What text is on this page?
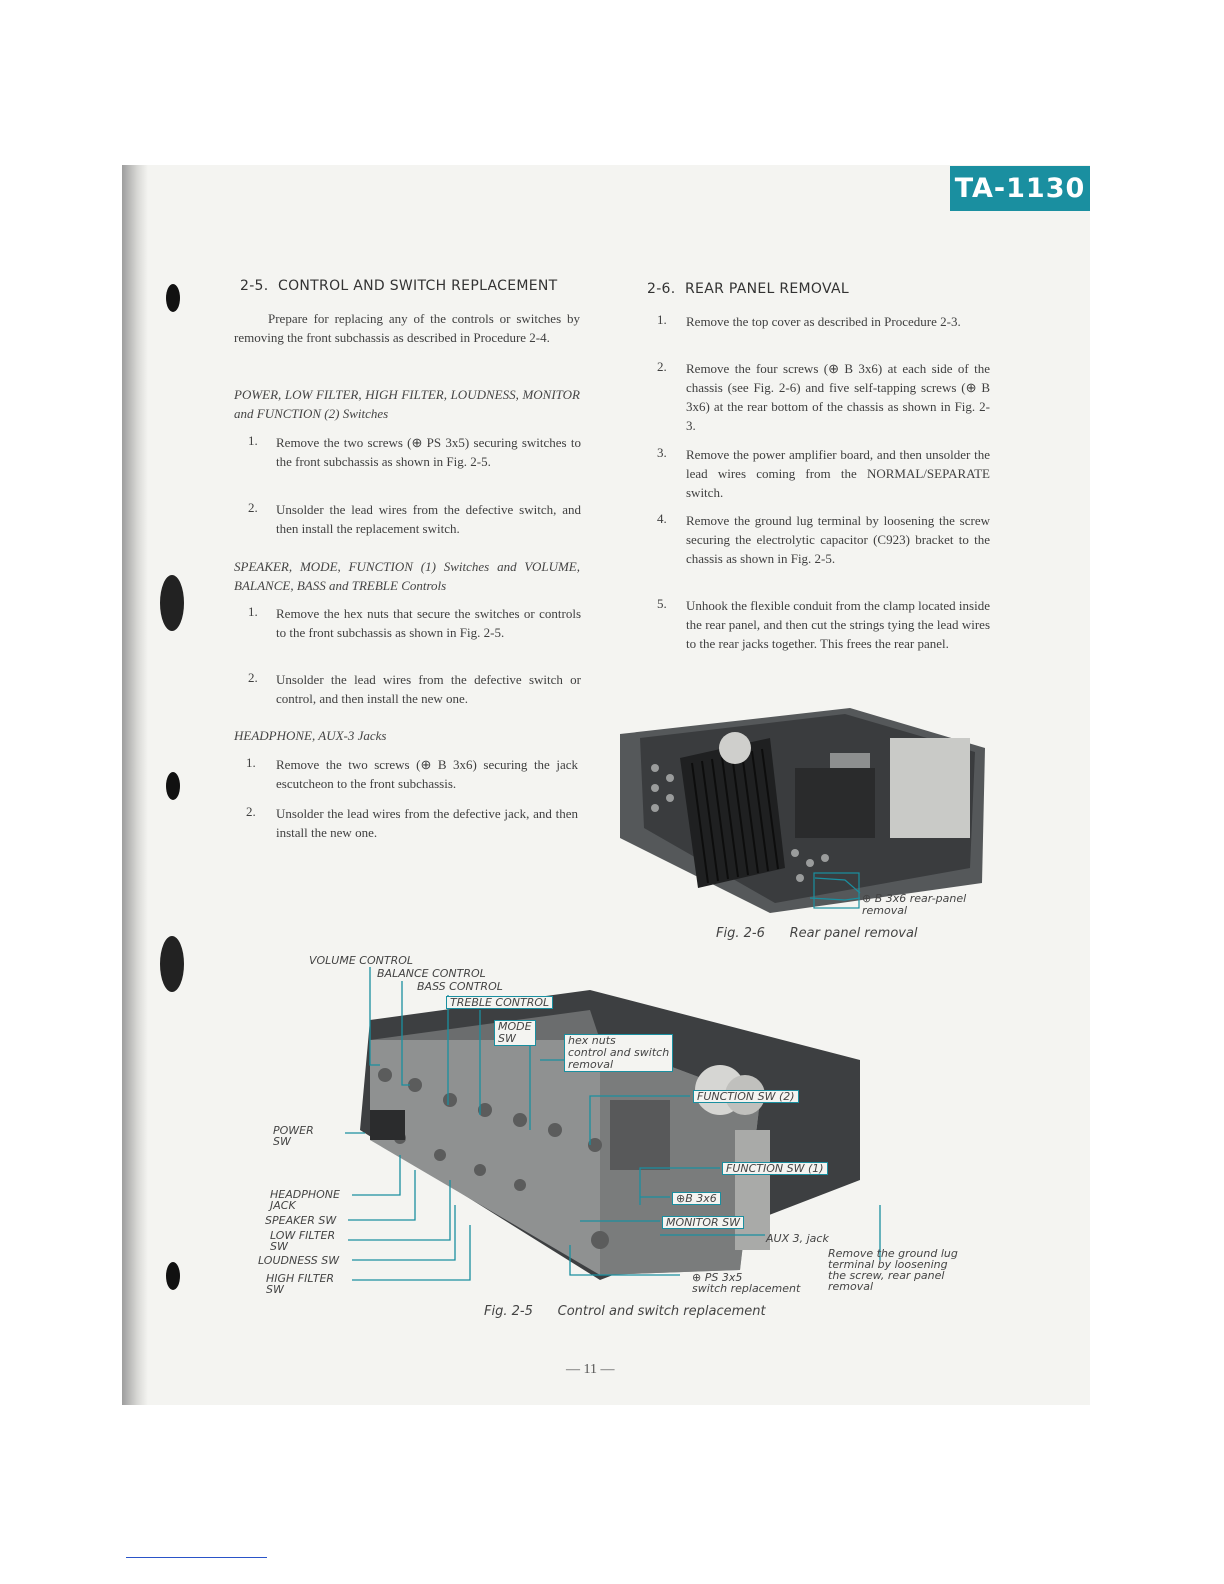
TA-1130
2-5.  CONTROL AND SWITCH REPLACEMENT
Prepare for replacing any of the controls or switches by removing the front subchassis as described in Procedure 2-4.
POWER, LOW FILTER, HIGH FILTER, LOUDNESS, MONITOR and FUNCTION (2) Switches
1. Remove the two screws (⊕ PS 3x5) securing switches to the front subchassis as shown in Fig. 2-5.
2. Unsolder the lead wires from the defective switch, and then install the replacement switch.
SPEAKER, MODE, FUNCTION (1) Switches and VOLUME, BALANCE, BASS and TREBLE Controls
1. Remove the hex nuts that secure the switches or controls to the front subchassis as shown in Fig. 2-5.
2. Unsolder the lead wires from the defective switch or control, and then install the new one.
HEADPHONE, AUX-3 Jacks
1. Remove the two screws (⊕ B 3x6) securing the jack escutcheon to the front subchassis.
2. Unsolder the lead wires from the defective jack, and then install the new one.
2-6.  REAR PANEL REMOVAL
1. Remove the top cover as described in Procedure 2-3.
2. Remove the four screws (⊕ B 3x6) at each side of the chassis (see Fig. 2-6) and five self-tapping screws (⊕ B 3x6) at the rear bottom of the chassis as shown in Fig. 2-3.
3. Remove the power amplifier board, and then unsolder the lead wires coming from the NORMAL/SEPARATE switch.
4. Remove the ground lug terminal by loosening the screw securing the electrolytic capacitor (C923) bracket to the chassis as shown in Fig. 2-5.
5. Unhook the flexible conduit from the clamp located inside the rear panel, and then cut the strings tying the lead wires to the rear jacks together. This frees the rear panel.
⊕ B 3x6 rear-panel
removal
Fig. 2-6      Rear panel removal
VOLUME CONTROL
BALANCE CONTROL
BASS CONTROL
TREBLE CONTROL
MODE
SW	hex nuts
control and switch
removal
FUNCTION SW (2)
FUNCTION SW (1)
⊕B 3x6
MONITOR SW
AUX 3, jack
Remove the ground lug
terminal by loosening
the screw, rear panel
removal
⊕ PS 3x5
switch replacement
POWER
SW
HEADPHONE
JACK
SPEAKER SW
LOW FILTER
SW
LOUDNESS SW
HIGH FILTER
SW
Fig. 2-5      Control and switch replacement
— 11 —
